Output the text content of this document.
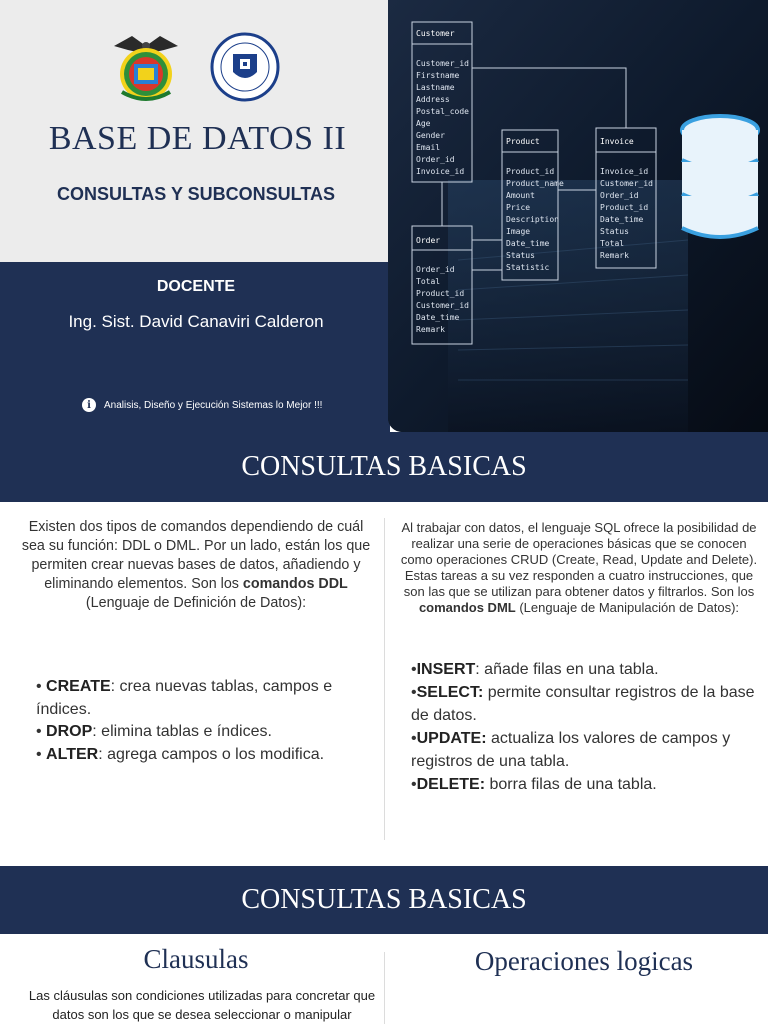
BASE DE DATOS II
CONSULTAS Y SUBCONSULTAS
DOCENTE
Ing. Sist. David Canaviri Calderon
i	Analisis, Diseño y Ejecución Sistemas lo Mejor !!!
Customer
Customer_id
Firstname
Lastname
Address
Postal_code
Age
Gender
Email
Order_id
Invoice_id
Product
Product_id
Product_name
Amount
Price
Description
Image
Date_time
Status
Statistic
Invoice
Invoice_id
Customer_id
Order_id
Product_id
Date_time
Status
Total
Remark
Order
Order_id
Total
Product_id
Customer_id
Date_time
Remark
CONSULTAS BASICAS
Existen dos tipos de comandos dependiendo de cuál sea su función: DDL o DML. Por un lado, están los que permiten crear nuevas bases de datos, añadiendo y eliminando elementos. Son los comandos DDL (Lenguaje de Definición de Datos):
• CREATE: crea nuevas tablas, campos e índices.
• DROP: elimina tablas e índices.
• ALTER: agrega campos o los modifica.
Al trabajar con datos, el lenguaje SQL ofrece la posibilidad de realizar una serie de operaciones básicas que se conocen como operaciones CRUD (Create, Read, Update and Delete). Estas tareas a su vez responden a cuatro instrucciones, que son las que se utilizan para obtener datos y filtrarlos. Son los comandos DML (Lenguaje de Manipulación de Datos):
•INSERT: añade filas en una tabla.
•SELECT: permite consultar registros de la base de datos.
•UPDATE: actualiza los valores de campos y registros de una tabla.
•DELETE: borra filas de una tabla.
CONSULTAS BASICAS
Clausulas	Operaciones logicas
Las cláusulas son condiciones utilizadas para concretar que datos son los que se desea seleccionar o manipular
